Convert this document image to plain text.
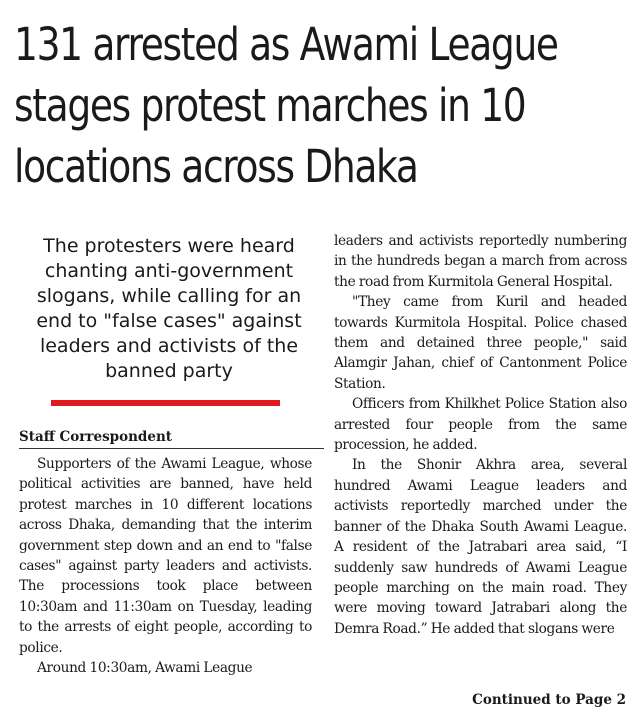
131 arrested as Awami League
stages protest marches in 10
locations across Dhaka
The protesters were heard
chanting anti-government
slogans, while calling for an
end to "false cases" against
leaders and activists of the
banned party
Staff Correspondent

Supporters of the Awami League, whose political activities are banned, have held protest marches in 10 different locations across Dhaka, demanding that the interim government step down and an end to "false cases" against party leaders and activists. The processions took place between 10:30am and 11:30am on Tuesday, leading to the arrests of eight people, according to police.

Around 10:30am, Awami League

leaders and activists reportedly numbering in the hundreds began a march from across the road from Kurmitola General Hospital.

"They came from Kuril and headed towards Kurmitola Hospital. Police chased them and detained three people," said Alamgir Jahan, chief of Cantonment Police Station.

Officers from Khilkhet Police Station also arrested four people from the same procession, he added.

In the Shonir Akhra area, several hundred Awami League leaders and activists reportedly marched under the banner of the Dhaka South Awami League. A resident of the Jatrabari area said, “I suddenly saw hundreds of Awami League people marching on the main road. They were moving toward Jatrabari along the Demra Road.” He added that slogans were

Continued to Page 2
